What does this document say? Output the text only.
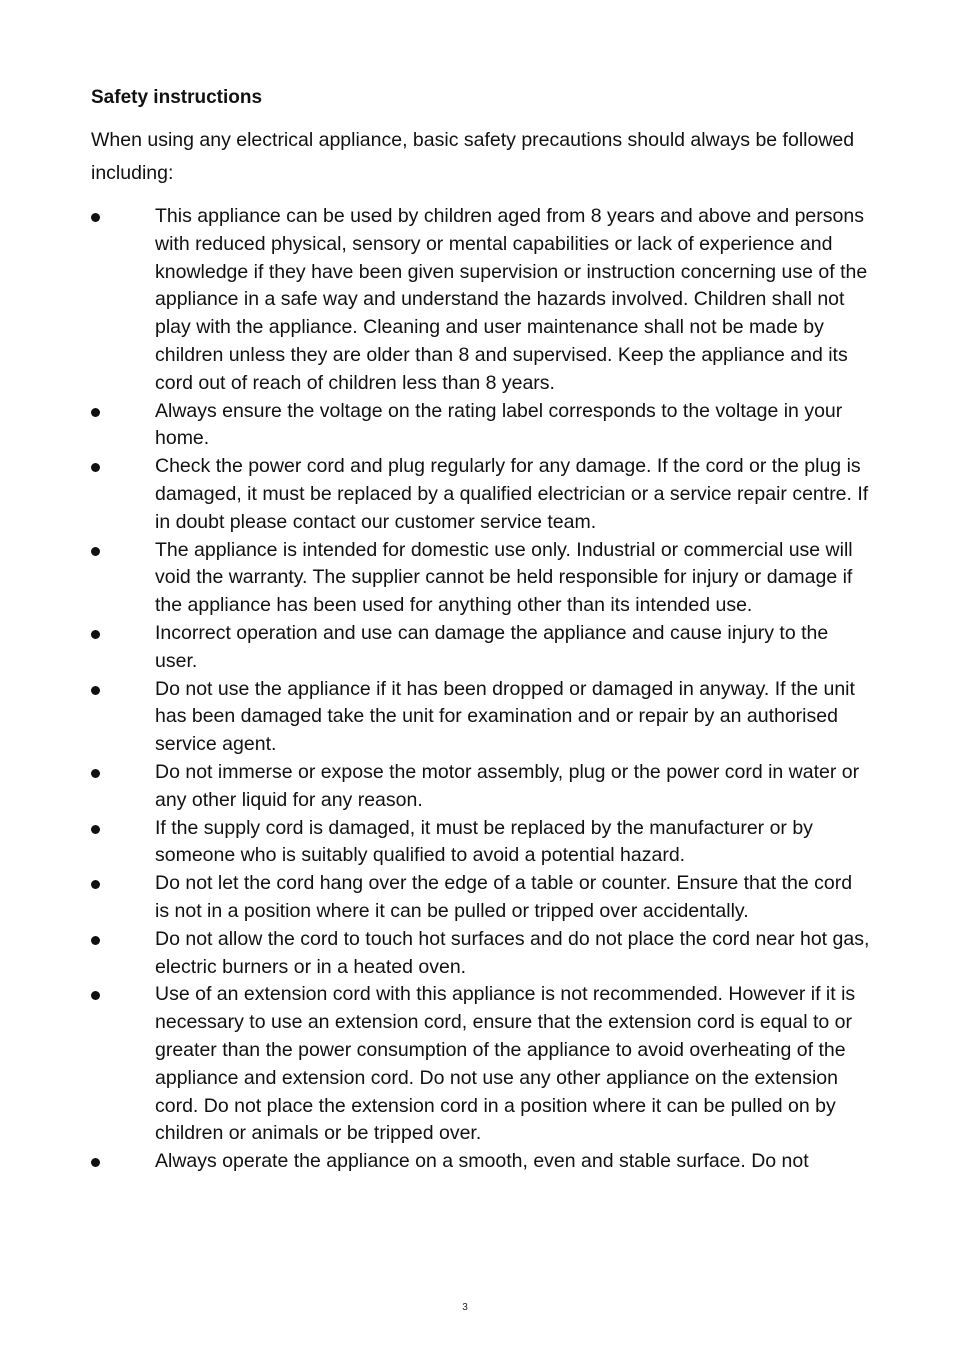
Safety instructions

When using any electrical appliance, basic safety precautions should always be followed including:

This appliance can be used by children aged from 8 years and above and persons with reduced physical, sensory or mental capabilities or lack of experience and knowledge if they have been given supervision or instruction concerning use of the appliance in a safe way and understand the hazards involved. Children shall not play with the appliance. Cleaning and user maintenance shall not be made by children unless they are older than 8 and supervised. Keep the appliance and its cord out of reach of children less than 8 years.
Always ensure the voltage on the rating label corresponds to the voltage in your home.
Check the power cord and plug regularly for any damage. If the cord or the plug is damaged, it must be replaced by a qualified electrician or a service repair centre. If in doubt please contact our customer service team.
The appliance is intended for domestic use only. Industrial or commercial use will void the warranty. The supplier cannot be held responsible for injury or damage if the appliance has been used for anything other than its intended use.
Incorrect operation and use can damage the appliance and cause injury to the user.
Do not use the appliance if it has been dropped or damaged in anyway. If the unit has been damaged take the unit for examination and or repair by an authorised service agent.
Do not immerse or expose the motor assembly, plug or the power cord in water or any other liquid for any reason.
If the supply cord is damaged, it must be replaced by the manufacturer or by someone who is suitably qualified to avoid a potential hazard.
Do not let the cord hang over the edge of a table or counter. Ensure that the cord is not in a position where it can be pulled or tripped over accidentally.
Do not allow the cord to touch hot surfaces and do not place the cord near hot gas, electric burners or in a heated oven.
Use of an extension cord with this appliance is not recommended. However if it is necessary to use an extension cord, ensure that the extension cord is equal to or greater than the power consumption of the appliance to avoid overheating of the appliance and extension cord. Do not use any other appliance on the extension cord. Do not place the extension cord in a position where it can be pulled on by children or animals or be tripped over.
Always operate the appliance on a smooth, even and stable surface. Do not
3
